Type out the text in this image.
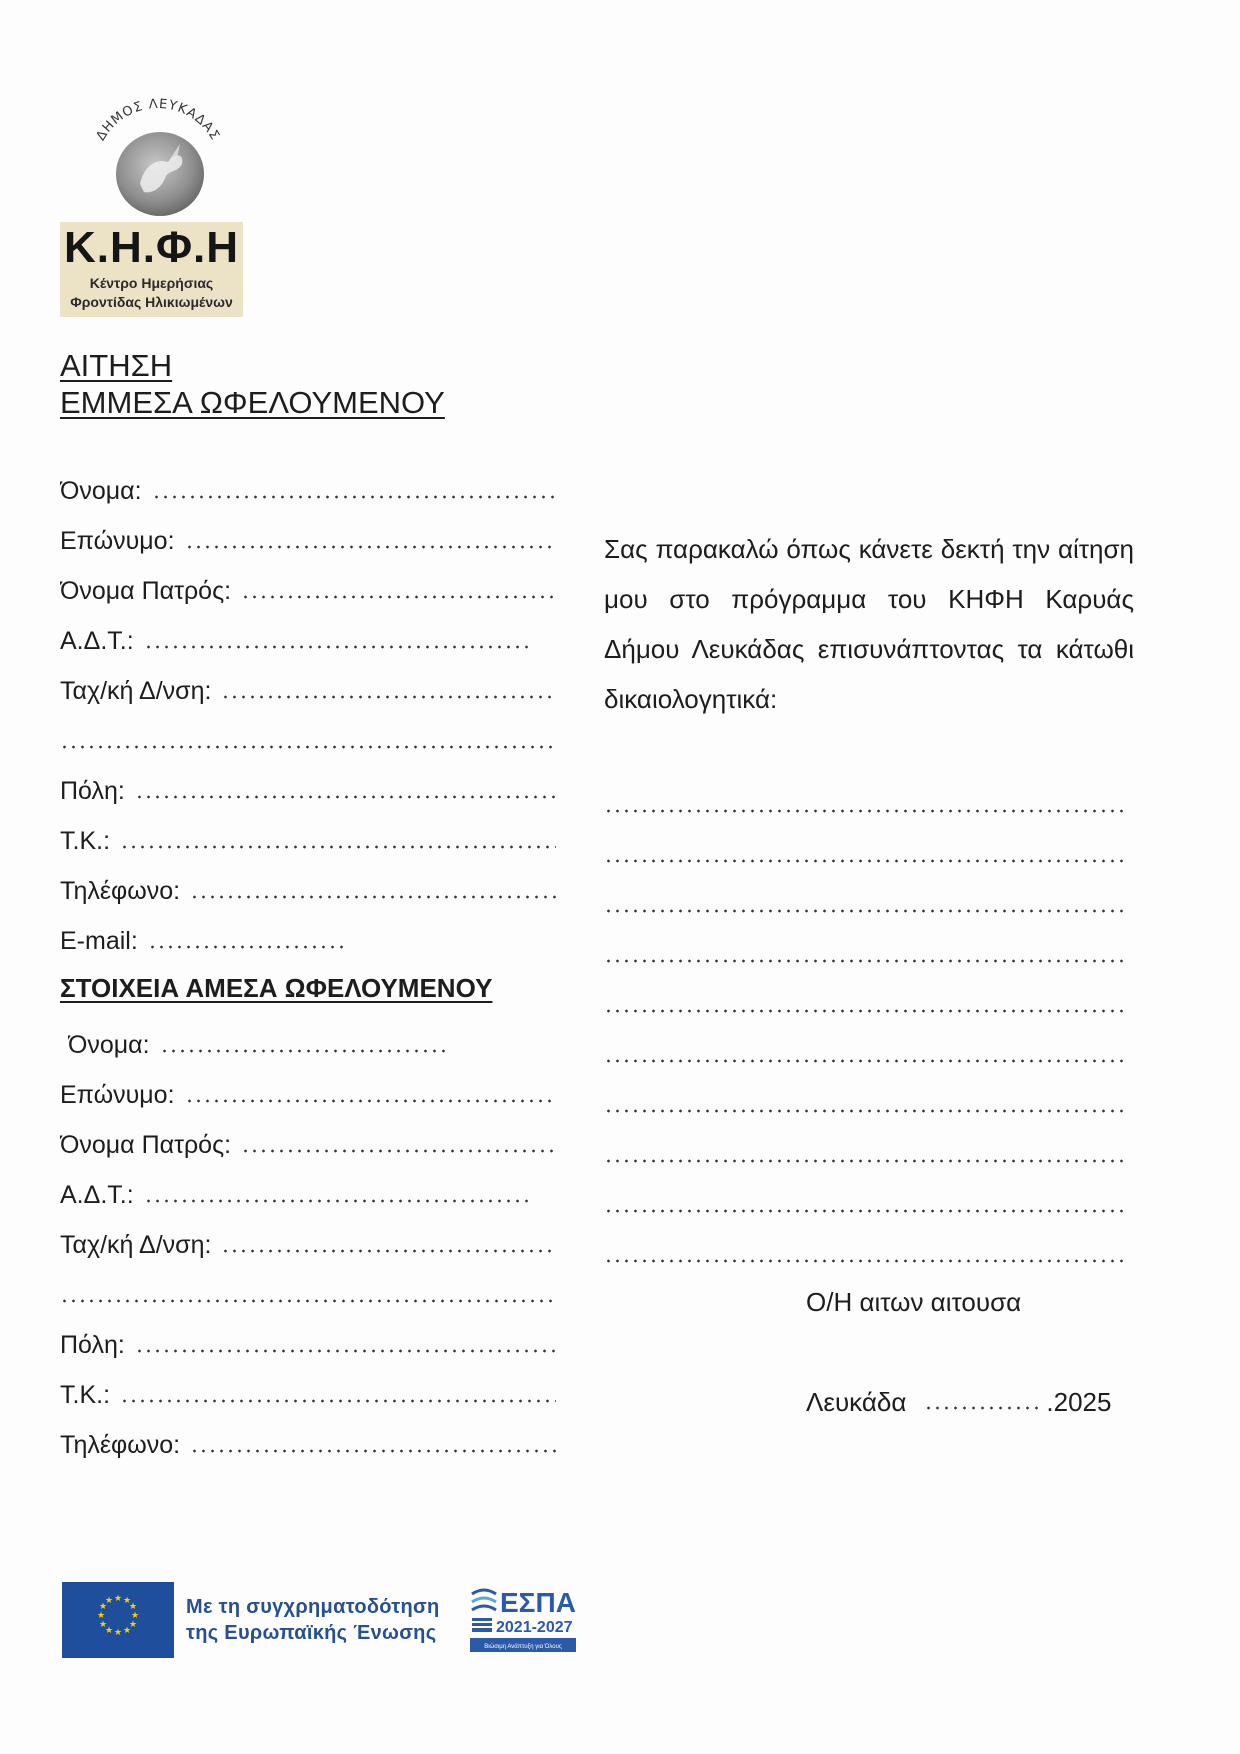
ΔΗΜΟΣ ΛΕΥΚΑΔΑΣ
Κ.Η.Φ.Η
Κέντρο Ημερήσιας
Φροντίδας Ηλικιωμένων
ΑΙΤΗΣΗ
ΕΜΜΕΣΑ ΩΦΕΛΟΥΜΕΝΟΥ
Όνομα:
Επώνυμο:
Όνομα Πατρός:
Α.Δ.Τ.:
Ταχ/κή Δ/νση:
Πόλη:
Τ.Κ.:
Τηλέφωνο:
E-mail:
ΣΤΟΙΧΕΙΑ ΑΜΕΣΑ ΩΦΕΛΟΥΜΕΝΟΥ
Όνομα:
Επώνυμο:
Όνομα Πατρός:
Α.Δ.Τ.:
Ταχ/κή Δ/νση:
Πόλη:
Τ.Κ.:
Τηλέφωνο:
Σας παρακαλώ όπως κάνετε δεκτή την αίτηση μου στο πρόγραμμα του ΚΗΦΗ Καρυάς Δήμου Λευκάδας επισυνάπτοντας τα κάτωθι δικαιολογητικά:
Ο/Η αιτων αιτουσα
Λευκάδα	.2025
★ ★
★
★
★
★
★
★
★
★
★
★	Με τη συγχρηματοδότηση
της Ευρωπαϊκής Ένωσης
ΕΣΠΑ
2021-2027
Βιώσιμη Ανάπτυξη για Όλους
